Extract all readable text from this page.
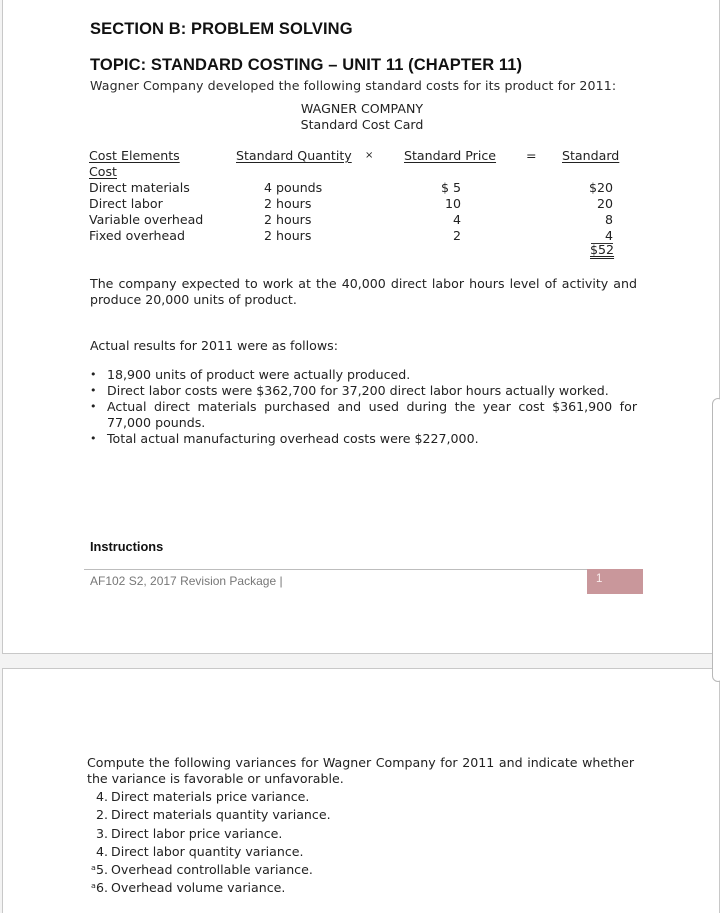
SECTION B: PROBLEM SOLVING
TOPIC: STANDARD COSTING – UNIT 11 (CHAPTER 11)
Wagner Company developed the following standard costs for its product for 2011:
WAGNER COMPANY
Standard Cost Card
Cost Elements	Standard Quantity × Standard Price = Standard
Cost
Direct materials	4 pounds	$ 5	$20
Direct labor	2 hours	10	20
Variable overhead	2 hours	4	8
Fixed overhead	2 hours	2	4
$52
The company expected to work at the 40,000 direct labor hours level of activity and produce 20,000 units of product.
Actual results for 2011 were as follows:
• 18,900 units of product were actually produced.
• Direct labor costs were $362,700 for 37,200 direct labor hours actually worked.
• Actual direct materials purchased and used during the year cost $361,900 for 77,000 pounds.
• Total actual manufacturing overhead costs were $227,000.
Instructions
AF102 S2, 2017 Revision Package |	1
Compute the following variances for Wagner Company for 2011 and indicate whether the variance is favorable or unfavorable.
4. Direct materials price variance.
2. Direct materials quantity variance.
3. Direct labor price variance.
4. Direct labor quantity variance.
ᵃ5. Overhead controllable variance.
ᵃ6. Overhead volume variance.
